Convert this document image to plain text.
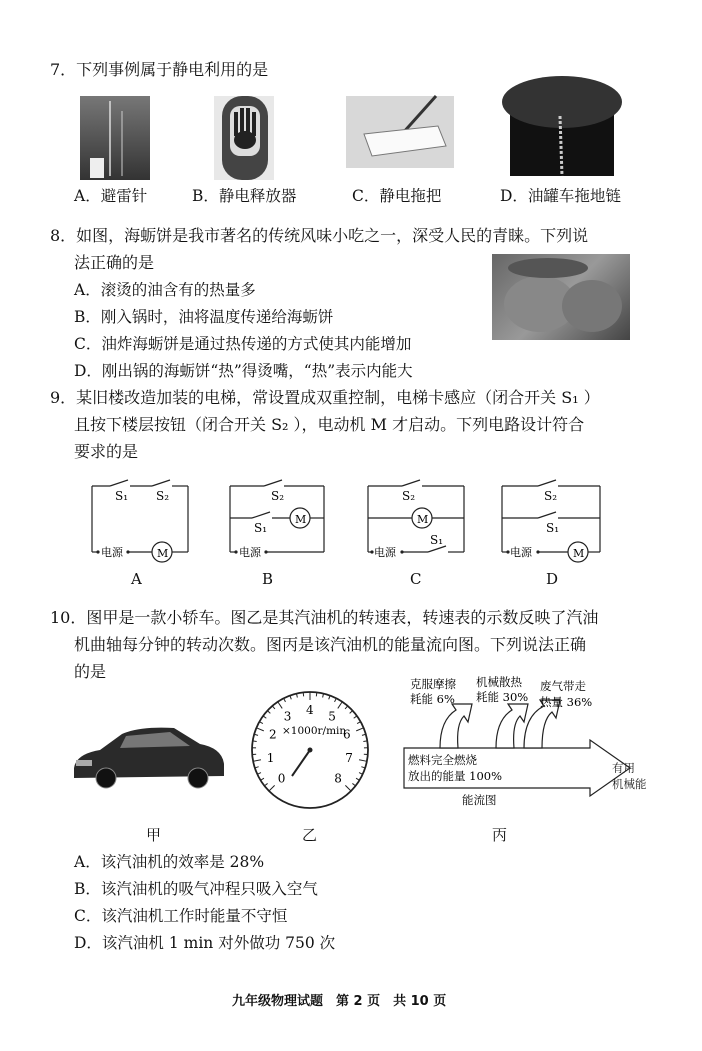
7．下列事例属于静电利用的是
A．避雷针	B．静电释放器	C．静电拖把	D．油罐车拖地链
8．如图，海蛎饼是我市著名的传统风味小吃之一，深受人民的青睐。下列说
法正确的是
A．滚烫的油含有的热量多
B．刚入锅时，油将温度传递给海蛎饼
C．油炸海蛎饼是通过热传递的方式使其内能增加
D．刚出锅的海蛎饼“热”得烫嘴，“热”表示内能大
9．某旧楼改造加装的电梯，常设置成双重控制，电梯卡感应（闭合开关 S₁ ）
且按下楼层按钮（闭合开关 S₂ ），电动机 M 才启动。下列电路设计符合
要求的是
S₁ S₂
M
电源
A
S₂
S₁
M
电源
B
S₂
M
S₁
电源
C
S₂
S₁
M
电源
D
10．图甲是一款小轿车。图乙是其汽油机的转速表，转速表的示数反映了汽油
机曲轴每分钟的转动次数。图丙是该汽油机的能量流向图。下列说法正确
的是
甲
0
1
2
3 4 5
6
7
8
×1000r/min
乙
克服摩擦
耗能 6%
机械散热
耗能 30%
废气带走
热量 36%
燃料完全燃烧
放出的能量 100%
有用
机械能
能流图
丙
A．该汽油机的效率是 28%
B．该汽油机的吸气冲程只吸入空气
C．该汽油机工作时能量不守恒
D．该汽油机 1 min 对外做功 750 次
九年级物理试题　第 2 页　共 10 页
